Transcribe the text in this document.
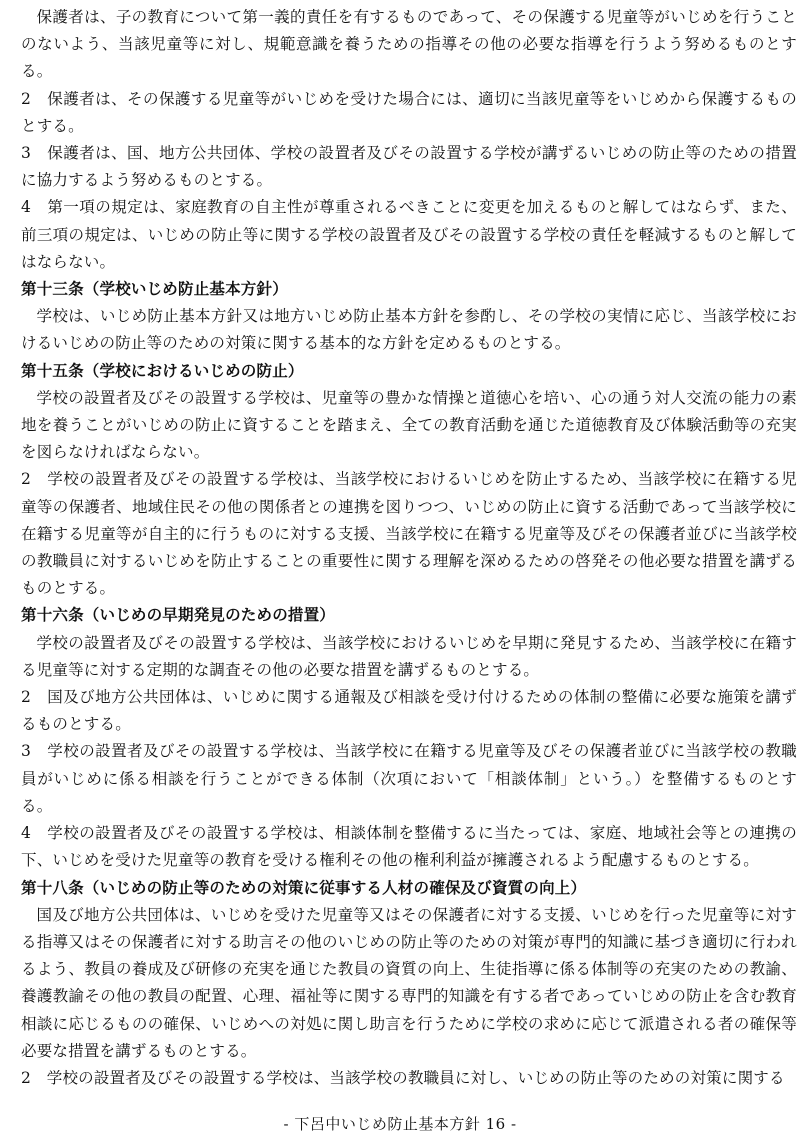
保護者は、子の教育について第一義的責任を有するものであって、その保護する児童等がいじめを行うことのないよう、当該児童等に対し、規範意識を養うための指導その他の必要な指導を行うよう努めるものとする。

2　保護者は、その保護する児童等がいじめを受けた場合には、適切に当該児童等をいじめから保護するものとする。

3　保護者は、国、地方公共団体、学校の設置者及びその設置する学校が講ずるいじめの防止等のための措置に協力するよう努めるものとする。

4　第一項の規定は、家庭教育の自主性が尊重されるべきことに変更を加えるものと解してはならず、また、前三項の規定は、いじめの防止等に関する学校の設置者及びその設置する学校の責任を軽減するものと解してはならない。

第十三条（学校いじめ防止基本方針）

学校は、いじめ防止基本方針又は地方いじめ防止基本方針を参酌し、その学校の実情に応じ、当該学校におけるいじめの防止等のための対策に関する基本的な方針を定めるものとする。

第十五条（学校におけるいじめの防止）

学校の設置者及びその設置する学校は、児童等の豊かな情操と道徳心を培い、心の通う対人交流の能力の素地を養うことがいじめの防止に資することを踏まえ、全ての教育活動を通じた道徳教育及び体験活動等の充実を図らなければならない。

2　学校の設置者及びその設置する学校は、当該学校におけるいじめを防止するため、当該学校に在籍する児童等の保護者、地域住民その他の関係者との連携を図りつつ、いじめの防止に資する活動であって当該学校に在籍する児童等が自主的に行うものに対する支援、当該学校に在籍する児童等及びその保護者並びに当該学校の教職員に対するいじめを防止することの重要性に関する理解を深めるための啓発その他必要な措置を講ずるものとする。

第十六条（いじめの早期発見のための措置）

学校の設置者及びその設置する学校は、当該学校におけるいじめを早期に発見するため、当該学校に在籍する児童等に対する定期的な調査その他の必要な措置を講ずるものとする。

2　国及び地方公共団体は、いじめに関する通報及び相談を受け付けるための体制の整備に必要な施策を講ずるものとする。

3　学校の設置者及びその設置する学校は、当該学校に在籍する児童等及びその保護者並びに当該学校の教職員がいじめに係る相談を行うことができる体制（次項において「相談体制」という。）を整備するものとする。

4　学校の設置者及びその設置する学校は、相談体制を整備するに当たっては、家庭、地域社会等との連携の下、いじめを受けた児童等の教育を受ける権利その他の権利利益が擁護されるよう配慮するものとする。

第十八条（いじめの防止等のための対策に従事する人材の確保及び資質の向上）

国及び地方公共団体は、いじめを受けた児童等又はその保護者に対する支援、いじめを行った児童等に対する指導又はその保護者に対する助言その他のいじめの防止等のための対策が専門的知識に基づき適切に行われるよう、教員の養成及び研修の充実を通じた教員の資質の向上、生徒指導に係る体制等の充実のための教諭、養護教諭その他の教員の配置、心理、福祉等に関する専門的知識を有する者であっていじめの防止を含む教育相談に応じるものの確保、いじめへの対処に関し助言を行うために学校の求めに応じて派遣される者の確保等必要な措置を講ずるものとする。

2　学校の設置者及びその設置する学校は、当該学校の教職員に対し、いじめの防止等のための対策に関する

- 下呂中いじめ防止基本方針 16 -
